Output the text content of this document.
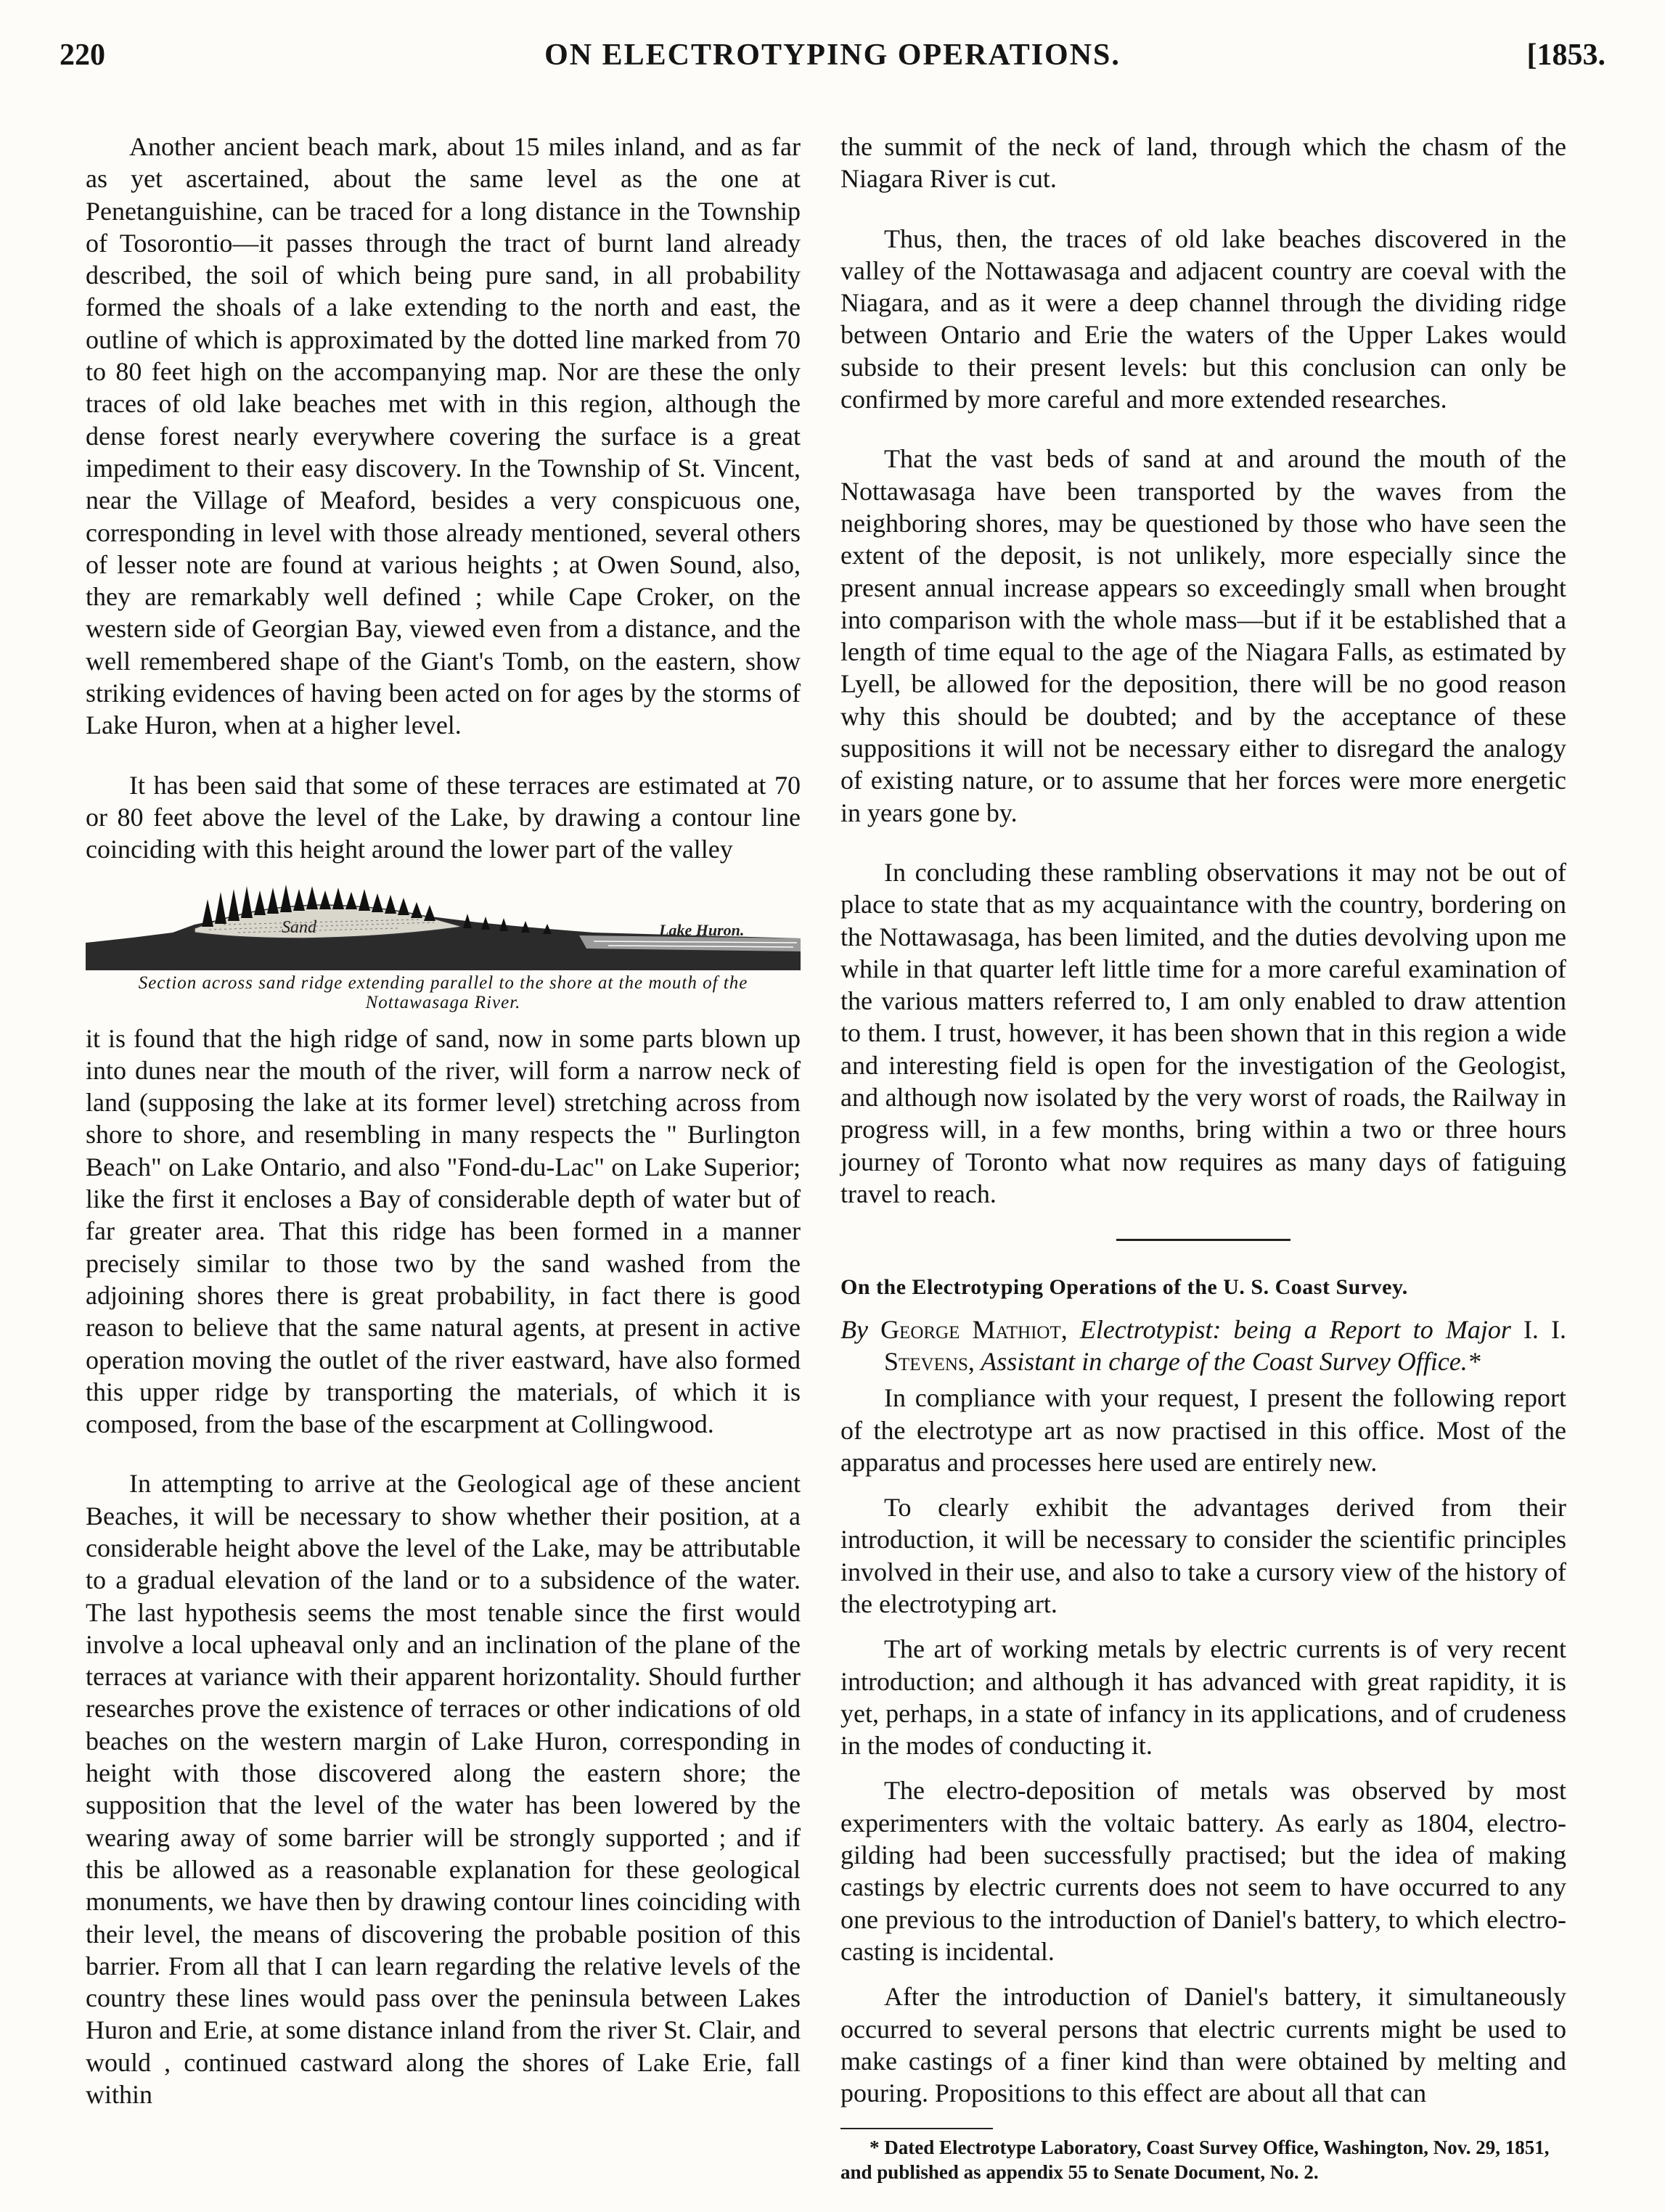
220	ON ELECTROTYPING OPERATIONS.	[1853.

Another ancient beach mark, about 15 miles inland, and as far as yet ascertained, about the same level as the one at Penetanguishine, can be traced for a long distance in the Township of Tosorontio—it passes through the tract of burnt land already described, the soil of which being pure sand, in all probability formed the shoals of a lake extending to the north and east, the outline of which is approximated by the dotted line marked from 70 to 80 feet high on the accompanying map. Nor are these the only traces of old lake beaches met with in this region, although the dense forest nearly everywhere covering the surface is a great impediment to their easy discovery. In the Township of St. Vincent, near the Village of Meaford, besides a very conspicuous one, corresponding in level with those already mentioned, several others of lesser note are found at various heights ; at Owen Sound, also, they are remarkably well defined ; while Cape Croker, on the western side of Georgian Bay, viewed even from a distance, and the well remembered shape of the Giant's Tomb, on the eastern, show striking evidences of having been acted on for ages by the storms of Lake Huron, when at a higher level.

It has been said that some of these terraces are estimated at 70 or 80 feet above the level of the Lake, by drawing a contour line coinciding with this height around the lower part of the valley

Sand	Lake Huron.
Section across sand ridge extending parallel to the shore at the mouth of the
Nottawasaga River.

it is found that the high ridge of sand, now in some parts blown up into dunes near the mouth of the river, will form a narrow neck of land (supposing the lake at its former level) stretching across from shore to shore, and resembling in many respects the " Burlington Beach" on Lake Ontario, and also "Fond-du-Lac" on Lake Superior; like the first it encloses a Bay of considerable depth of water but of far greater area. That this ridge has been formed in a manner precisely similar to those two by the sand washed from the adjoining shores there is great probability, in fact there is good reason to believe that the same natural agents, at present in active operation moving the outlet of the river eastward, have also formed this upper ridge by transporting the materials, of which it is composed, from the base of the escarpment at Collingwood.

In attempting to arrive at the Geological age of these ancient Beaches, it will be necessary to show whether their position, at a considerable height above the level of the Lake, may be attributable to a gradual elevation of the land or to a subsidence of the water. The last hypothesis seems the most tenable since the first would involve a local upheaval only and an inclination of the plane of the terraces at variance with their apparent horizontality. Should further researches prove the existence of terraces or other indications of old beaches on the western margin of Lake Huron, corresponding in height with those discovered along the eastern shore; the supposition that the level of the water has been lowered by the wearing away of some barrier will be strongly supported ; and if this be allowed as a reasonable explanation for these geological monuments, we have then by drawing contour lines coinciding with their level, the means of discovering the probable position of this barrier. From all that I can learn regarding the relative levels of the country these lines would pass over the peninsula between Lakes Huron and Erie, at some distance inland from the river St. Clair, and would , continued castward along the shores of Lake Erie, fall within

the summit of the neck of land, through which the chasm of the Niagara River is cut.

Thus, then, the traces of old lake beaches discovered in the valley of the Nottawasaga and adjacent country are coeval with the Niagara, and as it were a deep channel through the dividing ridge between Ontario and Erie the waters of the Upper Lakes would subside to their present levels: but this conclusion can only be confirmed by more careful and more extended researches.

That the vast beds of sand at and around the mouth of the Nottawasaga have been transported by the waves from the neighboring shores, may be questioned by those who have seen the extent of the deposit, is not unlikely, more especially since the present annual increase appears so exceedingly small when brought into comparison with the whole mass—but if it be established that a length of time equal to the age of the Niagara Falls, as estimated by Lyell, be allowed for the deposition, there will be no good reason why this should be doubted; and by the acceptance of these suppositions it will not be necessary either to disregard the analogy of existing nature, or to assume that her forces were more energetic in years gone by.

In concluding these rambling observations it may not be out of place to state that as my acquaintance with the country, bordering on the Nottawasaga, has been limited, and the duties devolving upon me while in that quarter left little time for a more careful examination of the various matters referred to, I am only enabled to draw attention to them. I trust, however, it has been shown that in this region a wide and interesting field is open for the investigation of the Geologist, and although now isolated by the very worst of roads, the Railway in progress will, in a few months, bring within a two or three hours journey of Toronto what now requires as many days of fatiguing travel to reach.

On the Electrotyping Operations of the U. S. Coast Survey.
By George Mathiot, Electrotypist: being a Report to Major I. I. Stevens, Assistant in charge of the Coast Survey Office.*

In compliance with your request, I present the following report of the electrotype art as now practised in this office. Most of the apparatus and processes here used are entirely new.

To clearly exhibit the advantages derived from their introduction, it will be necessary to consider the scientific principles involved in their use, and also to take a cursory view of the history of the electrotyping art.

The art of working metals by electric currents is of very recent introduction; and although it has advanced with great rapidity, it is yet, perhaps, in a state of infancy in its applications, and of crudeness in the modes of conducting it.

The electro-deposition of metals was observed by most experimenters with the voltaic battery. As early as 1804, electro-gilding had been successfully practised; but the idea of making castings by electric currents does not seem to have occurred to any one previous to the introduction of Daniel's battery, to which electro-casting is incidental.

After the introduction of Daniel's battery, it simultaneously occurred to several persons that electric currents might be used to make castings of a finer kind than were obtained by melting and pouring. Propositions to this effect are about all that can

* Dated Electrotype Laboratory, Coast Survey Office, Washington, Nov. 29, 1851, and published as appendix 55 to Senate Document, No. 2.
